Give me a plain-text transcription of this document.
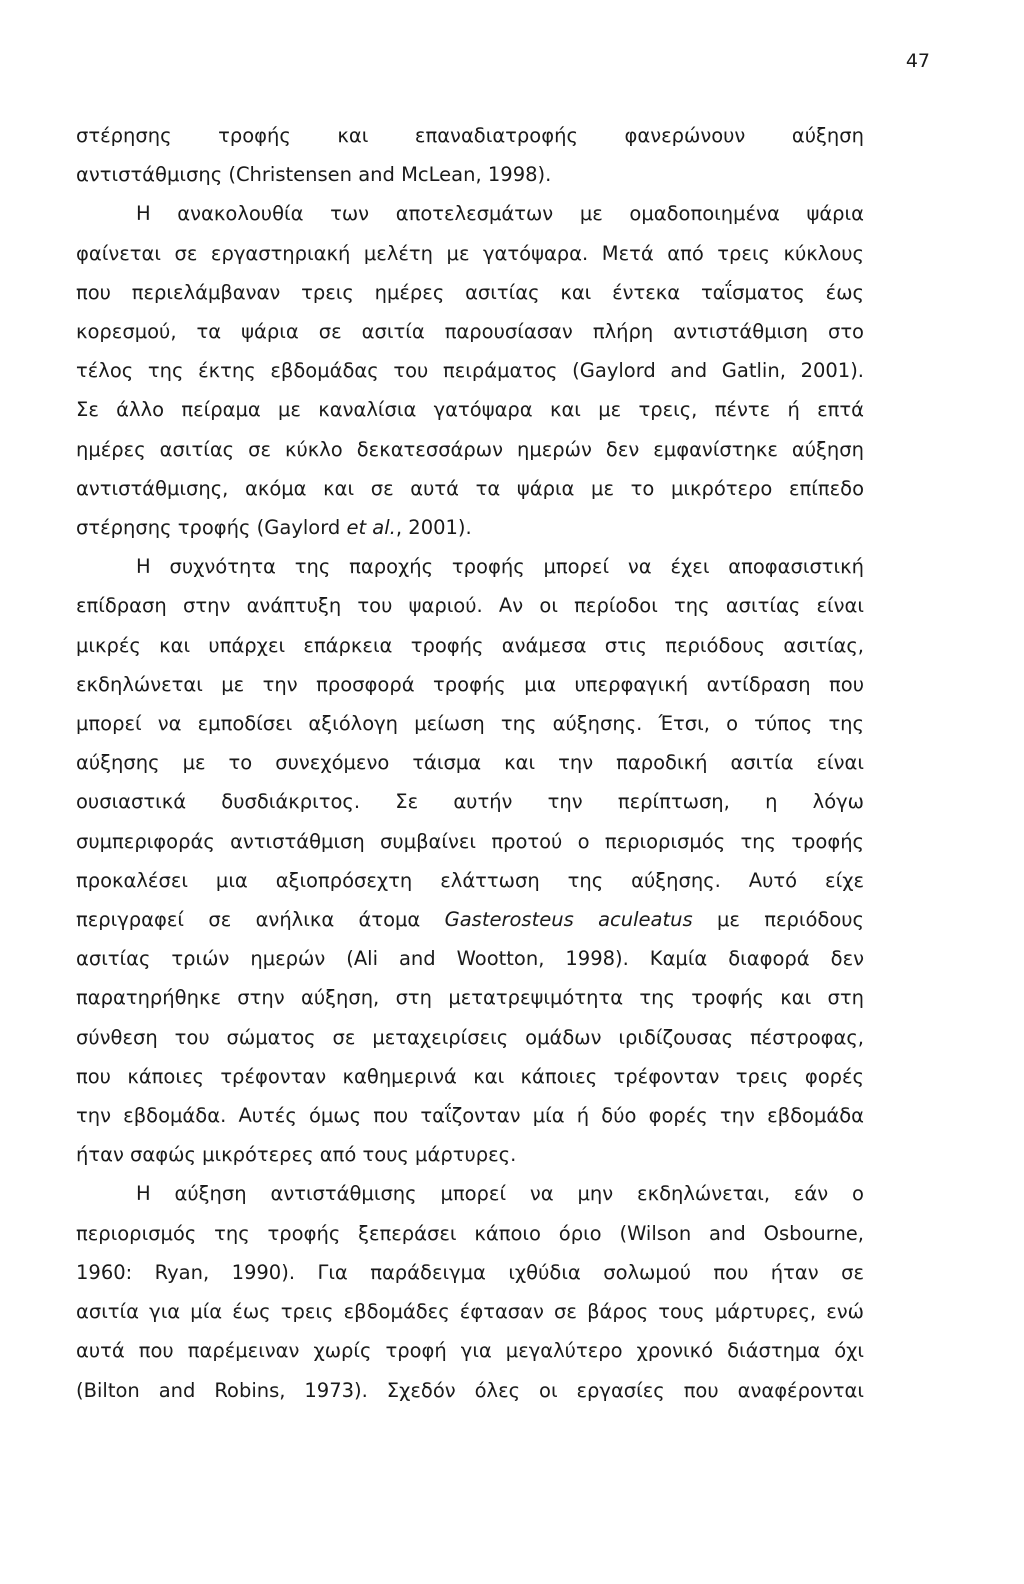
47
στέρησης τροφής και επαναδιατροφής φανερώνουν αύξηση
αντιστάθμισης (Christensen and McLean, 1998).
Η ανακολουθία των αποτελεσμάτων με ομαδοποιημένα ψάρια
φαίνεται σε εργαστηριακή μελέτη με γατόψαρα. Μετά από τρεις κύκλους
που περιελάμβαναν τρεις ημέρες ασιτίας και έντεκα ταΐσματος έως
κορεσμού, τα ψάρια σε ασιτία παρουσίασαν πλήρη αντιστάθμιση στο
τέλος της έκτης εβδομάδας του πειράματος (Gaylord and Gatlin, 2001).
Σε άλλο πείραμα με καναλίσια γατόψαρα και με τρεις, πέντε ή επτά
ημέρες ασιτίας σε κύκλο δεκατεσσάρων ημερών δεν εμφανίστηκε αύξηση
αντιστάθμισης, ακόμα και σε αυτά τα ψάρια με το μικρότερο επίπεδο
στέρησης τροφής (Gaylord et al., 2001).
Η συχνότητα της παροχής τροφής μπορεί να έχει αποφασιστική
επίδραση στην ανάπτυξη του ψαριού. Αν οι περίοδοι της ασιτίας είναι
μικρές και υπάρχει επάρκεια τροφής ανάμεσα στις περιόδους ασιτίας,
εκδηλώνεται με την προσφορά τροφής μια υπερφαγική αντίδραση που
μπορεί να εμποδίσει αξιόλογη μείωση της αύξησης. Έτσι, ο τύπος της
αύξησης με το συνεχόμενο τάισμα και την παροδική ασιτία είναι
ουσιαστικά δυσδιάκριτος. Σε αυτήν την περίπτωση, η λόγω
συμπεριφοράς αντιστάθμιση συμβαίνει προτού ο περιορισμός της τροφής
προκαλέσει μια αξιοπρόσεχτη ελάττωση της αύξησης. Αυτό είχε
περιγραφεί σε ανήλικα άτομα Gasterosteus aculeatus με περιόδους
ασιτίας τριών ημερών (Ali and Wootton, 1998). Καμία διαφορά δεν
παρατηρήθηκε στην αύξηση, στη μετατρεψιμότητα της τροφής και στη
σύνθεση του σώματος σε μεταχειρίσεις ομάδων ιριδίζουσας πέστροφας,
που κάποιες τρέφονταν καθημερινά και κάποιες τρέφονταν τρεις φορές
την εβδομάδα. Αυτές όμως που ταΐζονταν μία ή δύο φορές την εβδομάδα
ήταν σαφώς μικρότερες από τους μάρτυρες.
Η αύξηση αντιστάθμισης μπορεί να μην εκδηλώνεται, εάν ο
περιορισμός της τροφής ξεπεράσει κάποιο όριο (Wilson and Osbourne,
1960: Ryan, 1990). Για παράδειγμα ιχθύδια σολωμού που ήταν σε
ασιτία για μία έως τρεις εβδομάδες έφτασαν σε βάρος τους μάρτυρες, ενώ
αυτά που παρέμειναν χωρίς τροφή για μεγαλύτερο χρονικό διάστημα όχι
(Bilton and Robins, 1973). Σχεδόν όλες οι εργασίες που αναφέρονται
